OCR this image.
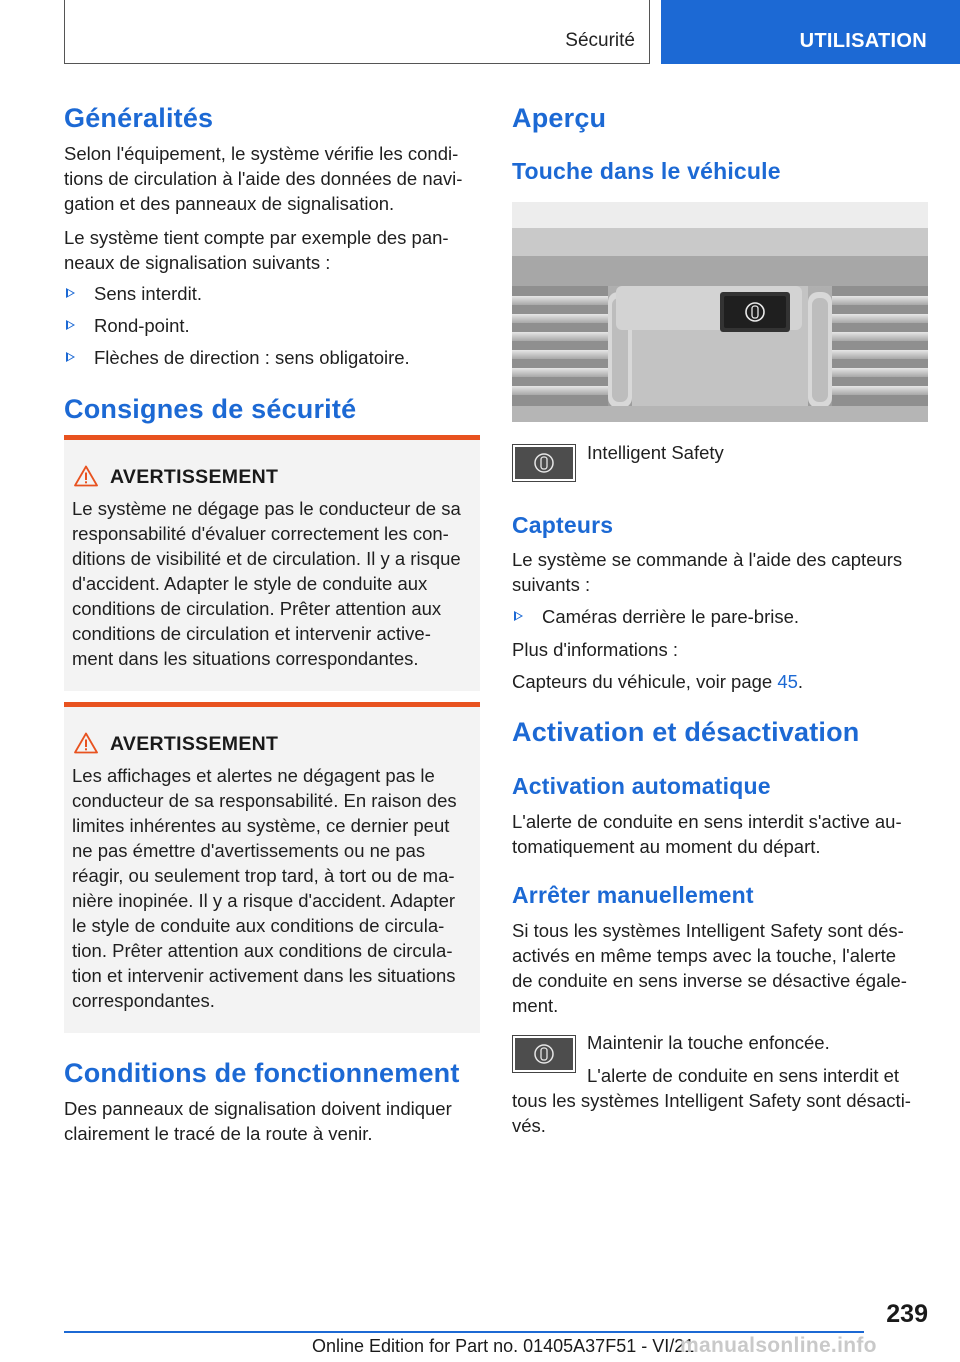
Sécurité	UTILISATION
Généralités
Selon l'équipement, le système vérifie les condi-
tions de circulation à l'aide des données de navi-
gation et des panneaux de signalisation.
Le système tient compte par exemple des pan-
neaux de signalisation suivants :
Sens interdit.
Rond-point.
Flèches de direction : sens obligatoire.
Consignes de sécurité
AVERTISSEMENT
Le système ne dégage pas le conducteur de sa
responsabilité d'évaluer correctement les con-
ditions de visibilité et de circulation. Il y a risque
d'accident. Adapter le style de conduite aux
conditions de circulation. Prêter attention aux
conditions de circulation et intervenir active-
ment dans les situations correspondantes.
AVERTISSEMENT
Les affichages et alertes ne dégagent pas le
conducteur de sa responsabilité. En raison des
limites inhérentes au système, ce dernier peut
ne pas émettre d'avertissements ou ne pas
réagir, ou seulement trop tard, à tort ou de ma-
nière inopinée. Il y a risque d'accident. Adapter
le style de conduite aux conditions de circula-
tion. Prêter attention aux conditions de circula-
tion et intervenir activement dans les situations
correspondantes.
Conditions de fonctionnement
Des panneaux de signalisation doivent indiquer
clairement le tracé de la route à venir.
Aperçu
Touche dans le véhicule
Intelligent Safety
Capteurs
Le système se commande à l'aide des capteurs
suivants :
Caméras derrière le pare-brise.
Plus d'informations :
Capteurs du véhicule, voir page 45.
Activation et désactivation
Activation automatique
L'alerte de conduite en sens interdit s'active au-
tomatiquement au moment du départ.
Arrêter manuellement
Si tous les systèmes Intelligent Safety sont dés-
activés en même temps avec la touche, l'alerte
de conduite en sens inverse se désactive égale-
ment.
Maintenir la touche enfoncée.
L'alerte de conduite en sens interdit et
tous les systèmes Intelligent Safety sont désacti-
vés.
239
Online Edition for Part no. 01405A37F51 - VI/21
manualsonline.info
